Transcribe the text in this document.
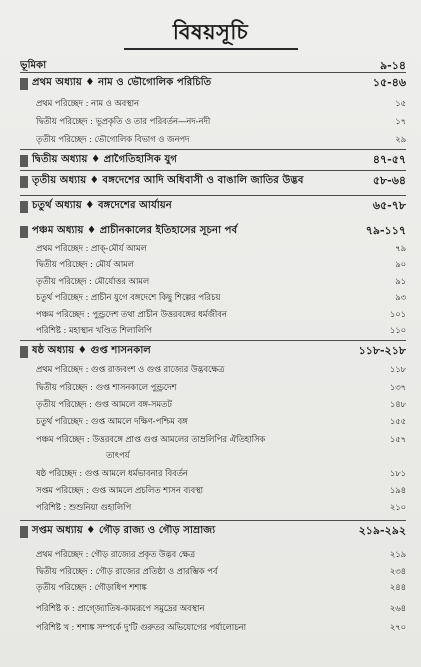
বিষয়সূচি
ভূমিকা	৯-১৪
প্রথম অধ্যায় ♦ নাম ও ভৌগোলিক পরিচিতি	১৫-৪৬
প্রথম পরিচ্ছেদ : নাম ও অবস্থান	১৫
দ্বিতীয় পরিচ্ছেদ : ভূপ্রকৃতি ও তার পরিবর্তন—নদ-নদী	১৭
তৃতীয় পরিচ্ছেদ : ভৌগোলিক বিভাগ ও জনপদ	২৯
দ্বিতীয় অধ্যায় ♦ প্রাগৈতিহাসিক যুগ	৪৭-৫৭
তৃতীয় অধ্যায় ♦ বঙ্গদেশের আদি অধিবাসী ও বাঙালি জাতির উদ্ভব	৫৮-৬৪
চতুর্থ অধ্যায় ♦ বঙ্গদেশের আর্যায়ন	৬৫-৭৮
পঞ্চম অধ্যায় ♦ প্রাচীনকালের ইতিহাসের সূচনা পর্ব	৭৯-১১৭
প্রথম পরিচ্ছেদ : প্রাক্-মৌর্য আমল	৭৯
দ্বিতীয় পরিচ্ছেদ : মৌর্য আমল	৯০
তৃতীয় পরিচ্ছেদ : মৌর্যোত্তর আমল	৯১
চতুর্থ পরিচ্ছেদ : প্রাচীন যুগে বঙ্গদেশে কিছু শিল্পের পরিচয়	৯৩
পঞ্চম পরিচ্ছেদ : পুণ্ড্রদেশ তথা প্রাচীন উত্তরবঙ্গের ধর্মজীবন	১০১
পরিশিষ্ট : মহাস্থান খণ্ডিত শিলালিপি	১১০
ষষ্ঠ অধ্যায় ♦ গুপ্ত শাসনকাল	১১৮-২১৮
প্রথম পরিচ্ছেদ : গুপ্ত রাজবংশ ও গুপ্ত রাজ্যের উদ্ভবক্ষেত্র	১১৮
দ্বিতীয় পরিচ্ছেদ : গুপ্ত শাসনকালে পুণ্ড্রদেশ	১৩৭
তৃতীয় পরিচ্ছেদ : গুপ্ত আমলে বঙ্গ-সমতট	১৪৮
চতুর্থ পরিচ্ছেদ : গুপ্ত আমলে দক্ষিণ-পশ্চিম বঙ্গ	১৫৫
পঞ্চম পরিচ্ছেদ : উত্তরবঙ্গে প্রাপ্ত গুপ্ত আমলের তাম্রলিপির ঐতিহাসিক	১৫৭
তাৎপর্য
ষষ্ঠ পরিচ্ছেদ : গুপ্ত আমলে ধর্মভাবনার বিবর্তন	১৮১
সপ্তম পরিচ্ছেদ : গুপ্ত আমলে প্রচলিত শাসন ব্যবস্থা	১৯৪
পরিশিষ্ট : শুশুনিয়া গুহালিপি	২১০
সপ্তম অধ্যায় ♦ গৌড় রাজ্য ও গৌড় সাম্রাজ্য	২১৯-২৯২
প্রথম পরিচ্ছেদ : গৌড় রাজ্যের প্রকৃত উদ্ভব ক্ষেত্র	২১৯
দ্বিতীয় পরিচ্ছেদ : গৌড় রাজ্যের প্রতিষ্ঠা ও প্রারম্ভিক পর্ব	২৩৪
তৃতীয় পরিচ্ছেদ : গৌড়াধিপ শশাঙ্ক	২৪৪
পরিশিষ্ট ক : প্রাগ্জ্যোতিষ-কামরূপে সমুদ্রের অবস্থান	২৬৪
পরিশিষ্ট খ : শশাঙ্ক সম্পর্কে দু'টি গুরুতর অভিযোগের পর্যালোচনা	২৭০
